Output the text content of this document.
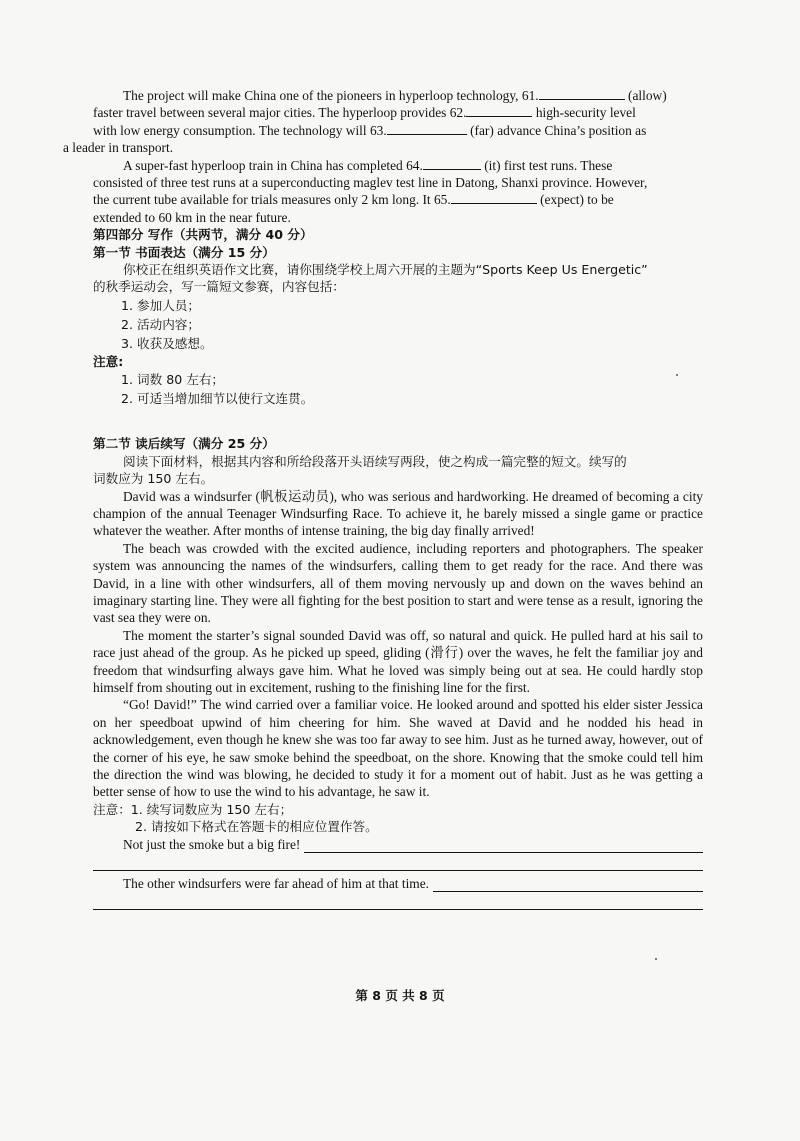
The project will make China one of the pioneers in hyperloop technology, 61.	(allow)
faster travel between several major cities. The hyperloop provides 62.	high-security level
with low energy consumption. The technology will 63.	(far) advance China’s position as
a leader in transport.

A super-fast hyperloop train in China has completed 64.	(it) first test runs. These
consisted of three test runs at a superconducting maglev test line in Datong, Shanxi province. However,
the current tube available for trials measures only 2 km long. It 65.	(expect) to be
extended to 60 km in the near future.

第四部分 写作（共两节，满分 40 分）

第一节 书面表达（满分 15 分）

你校正在组织英语作文比赛，请你围绕学校上周六开展的主题为“Sports Keep Us Energetic”
的秋季运动会，写一篇短文参赛，内容包括：

1. 参加人员；

2. 活动内容；

3. 收获及感想。

注意:

1. 词数 80 左右；

2. 可适当增加细节以使行文连贯。

第二节 读后续写（满分 25 分）

阅读下面材料，根据其内容和所给段落开头语续写两段，使之构成一篇完整的短文。续写的
词数应为 150 左右。

David was a windsurfer (帆板运动员), who was serious and hardworking. He dreamed of becoming a city champion of the annual Teenager Windsurfing Race. To achieve it, he barely missed a single game or practice whatever the weather. After months of intense training, the big day finally arrived!

The beach was crowded with the excited audience, including reporters and photographers. The speaker system was announcing the names of the windsurfers, calling them to get ready for the race. And there was David, in a line with other windsurfers, all of them moving nervously up and down on the waves behind an imaginary starting line. They were all fighting for the best position to start and were tense as a result, ignoring the vast sea they were on.

The moment the starter’s signal sounded David was off, so natural and quick. He pulled hard at his sail to race just ahead of the group. As he picked up speed, gliding (滑行) over the waves, he felt the familiar joy and freedom that windsurfing always gave him. What he loved was simply being out at sea. He could hardly stop himself from shouting out in excitement, rushing to the finishing line for the first.

“Go! David!” The wind carried over a familiar voice. He looked around and spotted his elder sister Jessica on her speedboat upwind of him cheering for him. She waved at David and he nodded his head in acknowledgement, even though he knew she was too far away to see him. Just as he turned away, however, out of the corner of his eye, he saw smoke behind the speedboat, on the shore. Knowing that the smoke could tell him the direction the wind was blowing, he decided to study it for a moment out of habit. Just as he was getting a better sense of how to use the wind to his advantage, he saw it.

注意：1. 续写词数应为 150 左右；

2. 请按如下格式在答题卡的相应位置作答。

Not just the smoke but a big fire!

The other windsurfers were far ahead of him at that time.

第 8 页 共 8 页
